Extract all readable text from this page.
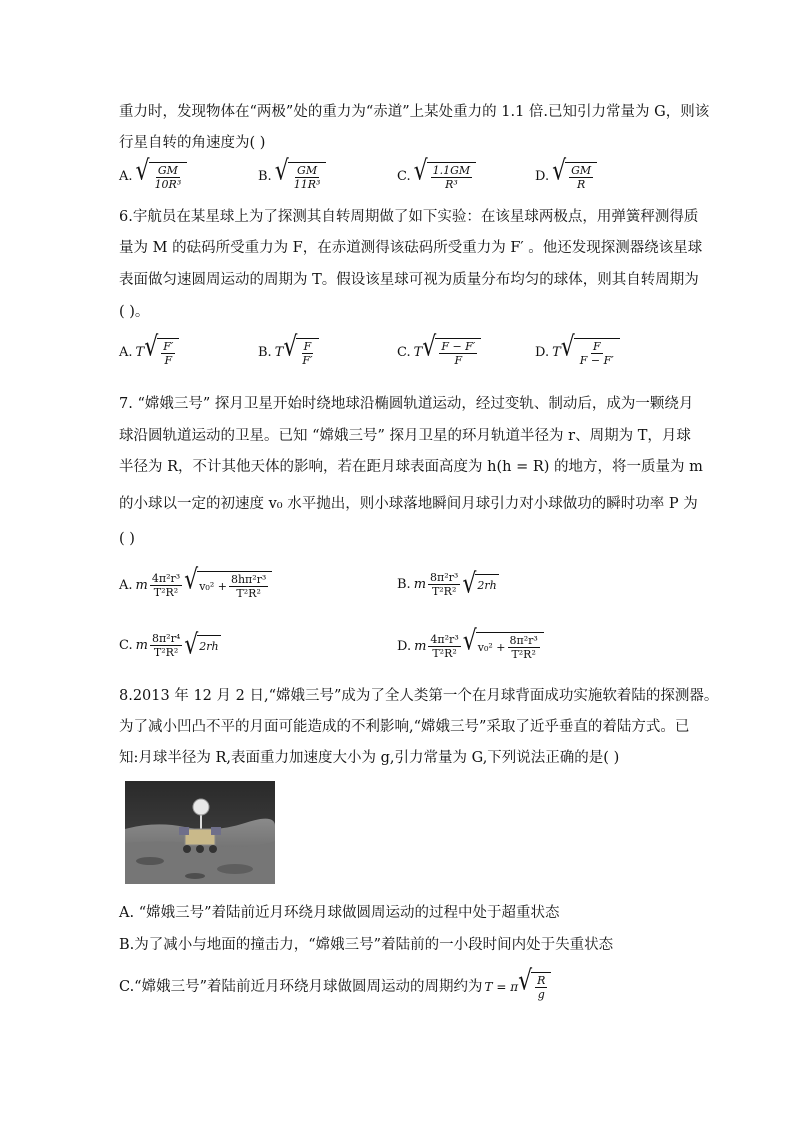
重力时，发现物体在“两极”处的重力为“赤道”上某处重力的 1.1 倍.已知引力常量为 G，则该
行星自转的角速度为( )
A. √ $\frac{GM}{\text{10R³}}$	B. √ $\frac{GM}{\text{11R³}}$	C. √ $\frac{1.1GM}{\text{R³}}$	D. √ $\frac{GM}{R}$
6.宇航员在某星球上为了探测其自转周期做了如下实验：在该星球两极点，用弹簧秤测得质
量为 M 的砝码所受重力为 F，在赤道测得该砝码所受重力为 F′ 。他还发现探测器绕该星球
表面做匀速圆周运动的周期为 T。假设该星球可视为质量分布均匀的球体，则其自转周期为
( )。
A. T √ $\frac{F'}{F}$	B. T √ $\frac{F}{F'}$	C. T √ $\frac{F - F'}{F}$	D. T √ $\frac{F}{F - F'}$
7. “嫦娥三号” 探月卫星开始时绕地球沿椭圆轨道运动，经过变轨、制动后，成为一颗绕月
球沿圆轨道运动的卫星。已知 “嫦娥三号” 探月卫星的环月轨道半径为 r、周期为 T，月球
半径为 R，不计其他天体的影响，若在距月球表面高度为 h(h = R) 的地方，将一质量为 m
的小球以一定的初速度 v₀ 水平抛出，则小球落地瞬间月球引力对小球做功的瞬时功率 P 为
( )
A. m $\frac{\text{4π²r³}}{\text{T²R²}}$ √ $v_0^2 + \frac{\text{8hπ²r³}}{\text{T²R²}}$	B. m $\frac{\text{8π²r³}}{\text{T²R²}}$ √ 2rh
C. m $\frac{\text{8π²r⁴}}{\text{T²R²}}$ √ 2rh	D. m $\frac{\text{4π²r³}}{\text{T²R²}}$ √ $v_0^2 + \frac{\text{8π²r³}}{\text{T²R²}}$
8.2013 年 12 月 2 日,“嫦娥三号”成为了全人类第一个在月球背面成功实施软着陆的探测器。
为了减小凹凸不平的月面可能造成的不利影响,“嫦娥三号”采取了近乎垂直的着陆方式。已
知:月球半径为 R,表面重力加速度大小为 g,引力常量为 G,下列说法正确的是( )
A. “嫦娥三号”着陆前近月环绕月球做圆周运动的过程中处于超重状态
B.为了减小与地面的撞击力，“嫦娥三号”着陆前的一小段时间内处于失重状态
C.“嫦娥三号”着陆前近月环绕月球做圆周运动的周期约为 T = π √ $\frac{R}{g}$
